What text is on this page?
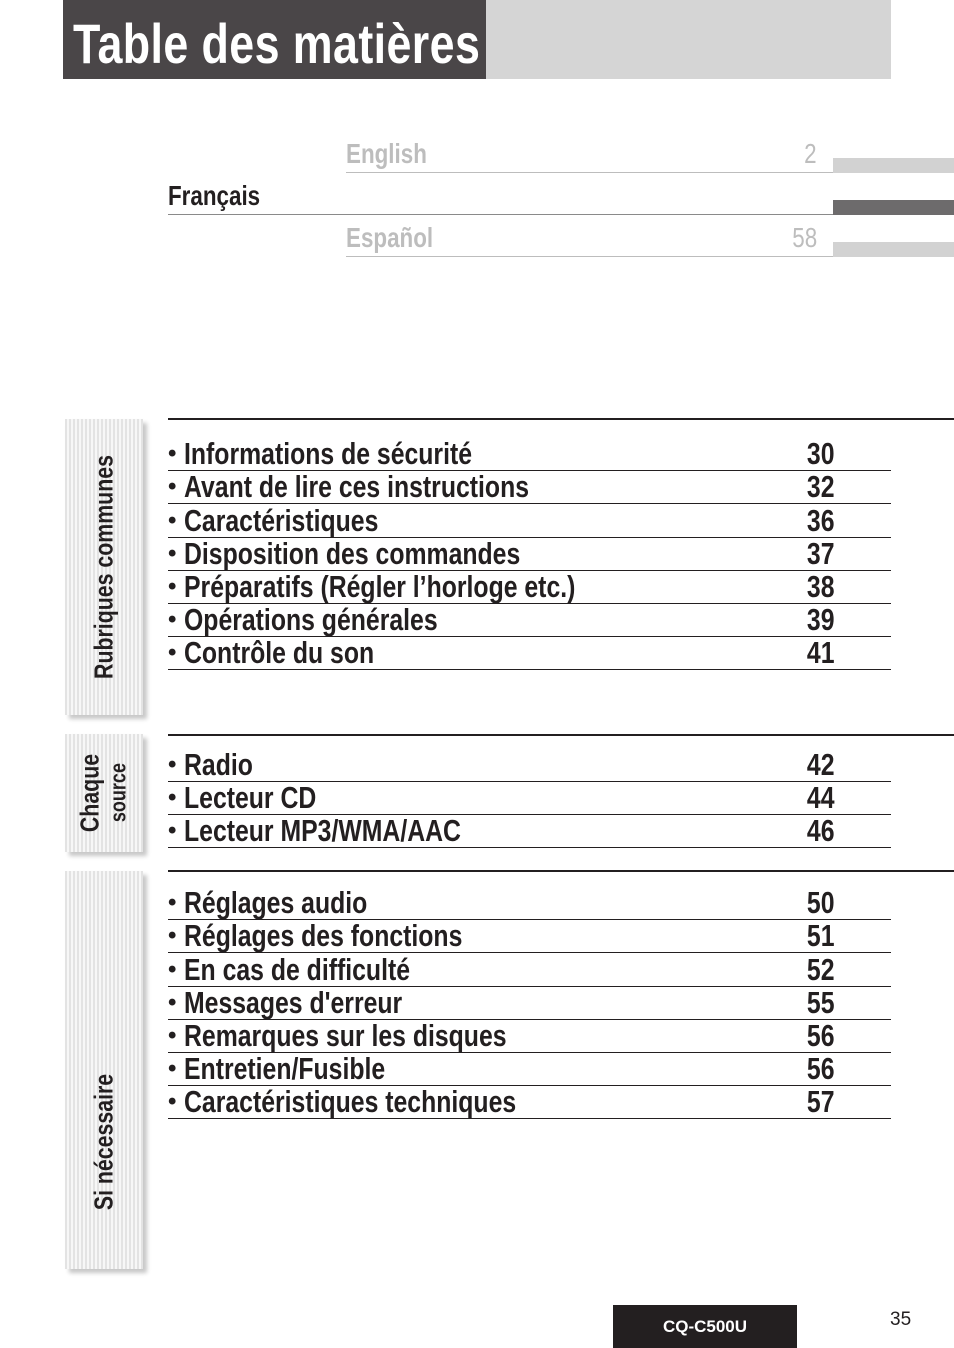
Table des matières
English	2
Français
Español	58
Rubriques communes
• Informations de sécurité	30
• Avant de lire ces instructions	32
• Caractéristiques	36
• Disposition des commandes	37
• Préparatifs (Régler l’horloge etc.)	38
• Opérations générales	39
• Contrôle du son	41
Chaque
source • Radio	42
• Lecteur CD	44
• Lecteur MP3/WMA/AAC	46
Si nécessaire
• Réglages audio	50
• Réglages des fonctions	51
• En cas de difficulté	52
• Messages d'erreur	55
• Remarques sur les disques	56
• Entretien/Fusible	56
• Caractéristiques techniques	57
CQ-C500U	35
